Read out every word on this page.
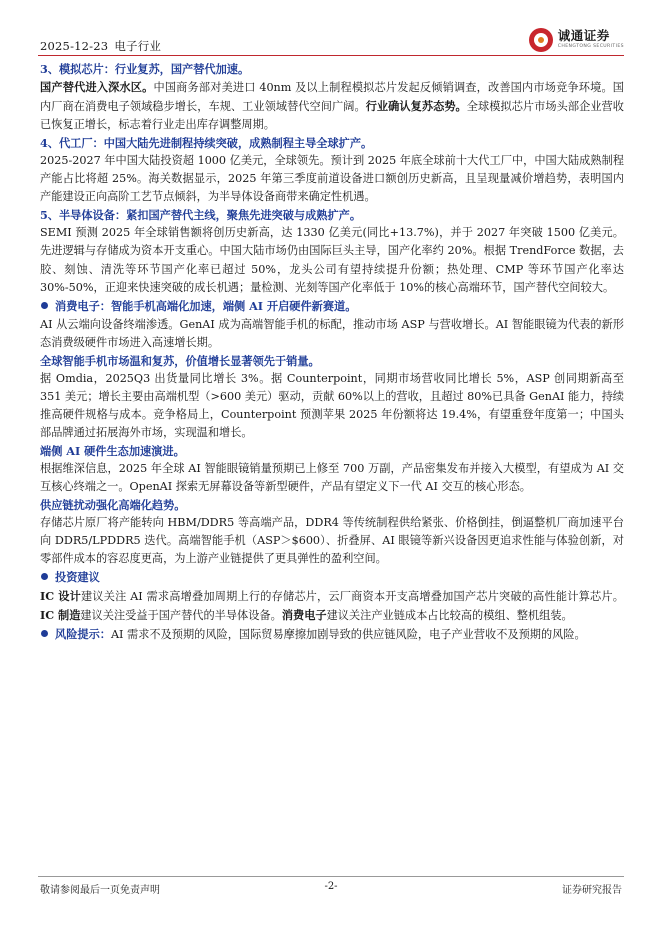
2025-12-23 电子行业
诚通证券
CHENGTONG SECURITIES

3、模拟芯片：行业复苏，国产替代加速。

国产替代进入深水区。中国商务部对美进口 40nm 及以上制程模拟芯片发起反倾销调查，改善国内市场竞争环境。国内厂商在消费电子领域稳步增长，车规、工业领域替代空间广阔。行业确认复苏态势。全球模拟芯片市场头部企业营收已恢复正增长，标志着行业走出库存调整周期。

4、代工厂：中国大陆先进制程持续突破，成熟制程主导全球扩产。

2025-2027 年中国大陆投资超 1000 亿美元，全球领先。预计到 2025 年底全球前十大代工厂中，中国大陆成熟制程产能占比将超 25%。海关数据显示，2025 年第三季度前道设备进口额创历史新高，且呈现量减价增趋势，表明国内产能建设正向高阶工艺节点倾斜，为半导体设备商带来确定性机遇。

5、半导体设备：紧扣国产替代主线，聚焦先进突破与成熟扩产。

SEMI 预测 2025 年全球销售额将创历史新高，达 1330 亿美元(同比+13.7%)，并于 2027 年突破 1500 亿美元。先进逻辑与存储成为资本开支重心。中国大陆市场仍由国际巨头主导，国产化率约 20%。根据 TrendForce 数据，去胶、刻蚀、清洗等环节国产化率已超过 50%，龙头公司有望持续提升份额；热处理、CMP 等环节国产化率达 30%-50%，正迎来快速突破的成长机遇；量检测、光刻等国产化率低于 10%的核心高端环节，国产替代空间较大。

消费电子：智能手机高端化加速，端侧 AI 开启硬件新赛道。

AI 从云端向设备终端渗透。GenAI 成为高端智能手机的标配，推动市场 ASP 与营收增长。AI 智能眼镜为代表的新形态消费级硬件市场进入高速增长期。

全球智能手机市场温和复苏，价值增长显著领先于销量。

据 Omdia，2025Q3 出货量同比增长 3%。据 Counterpoint，同期市场营收同比增长 5%，ASP 创同期新高至 351 美元；增长主要由高端机型（>600 美元）驱动，贡献 60%以上的营收，且超过 80%已具备 GenAI 能力，持续推高硬件规格与成本。竞争格局上，Counterpoint 预测苹果 2025 年份额将达 19.4%，有望重登年度第一；中国头部品牌通过拓展海外市场，实现温和增长。

端侧 AI 硬件生态加速演进。

根据维深信息，2025 年全球 AI 智能眼镜销量预期已上修至 700 万副，产品密集发布并接入大模型，有望成为 AI 交互核心终端之一。OpenAI 探索无屏幕设备等新型硬件，产品有望定义下一代 AI 交互的核心形态。

供应链扰动强化高端化趋势。

存储芯片原厂将产能转向 HBM/DDR5 等高端产品，DDR4 等传统制程供给紧张、价格倒挂，倒逼整机厂商加速平台向 DDR5/LPDDR5 迭代。高端智能手机（ASP＞$600）、折叠屏、AI 眼镜等新兴设备因更追求性能与体验创新，对零部件成本的容忍度更高，为上游产业链提供了更具弹性的盈利空间。

投资建议

IC 设计建议关注 AI 需求高增叠加周期上行的存储芯片，云厂商资本开支高增叠加国产芯片突破的高性能计算芯片。IC 制造建议关注受益于国产替代的半导体设备。消费电子建议关注产业链成本占比较高的模组、整机组装。

风险提示：AI 需求不及预期的风险，国际贸易摩擦加剧导致的供应链风险，电子产业营收不及预期的风险。

敬请参阅最后一页免责声明	-2-	证券研究报告
